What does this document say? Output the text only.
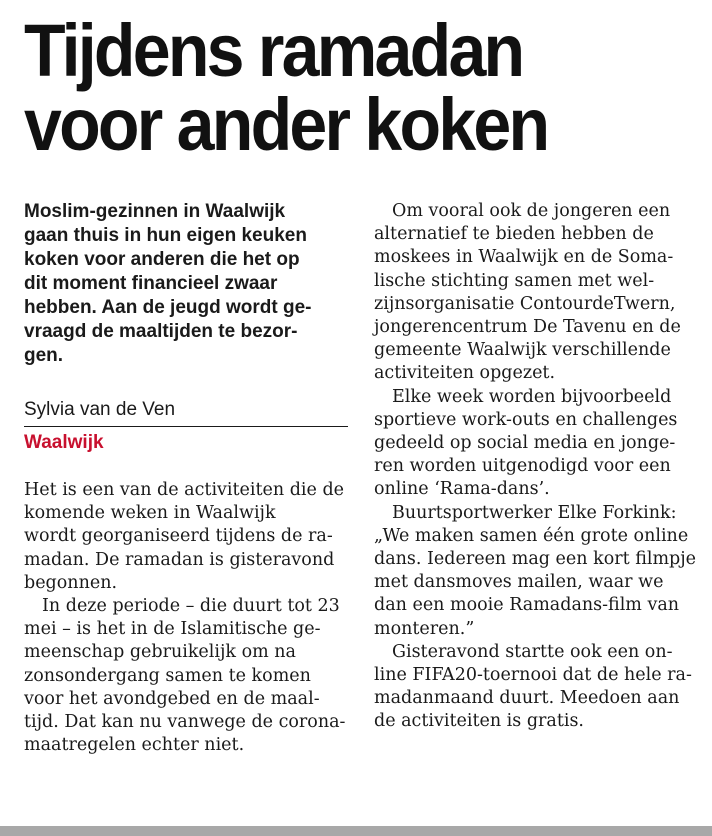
Tijdens ramadan
voor ander koken
Moslim-gezinnen in Waalwijk
gaan thuis in hun eigen keuken
koken voor anderen die het op
dit moment financieel zwaar
hebben. Aan de jeugd wordt ge-
vraagd de maaltijden te bezor-
gen.
Sylvia van de Ven
Waalwijk
Het is een van de activiteiten die de
komende weken in Waalwijk
wordt georganiseerd tijdens de ra-
madan. De ramadan is gisteravond
begonnen.
In deze periode – die duurt tot 23
mei – is het in de Islamitische ge-
meenschap gebruikelijk om na
zonsondergang samen te komen
voor het avondgebed en de maal-
tijd. Dat kan nu vanwege de corona-
maatregelen echter niet.
Om vooral ook de jongeren een
alternatief te bieden hebben de
moskees in Waalwijk en de Soma-
lische stichting samen met wel-
zijnsorganisatie ContourdeTwern,
jongerencentrum De Tavenu en de
gemeente Waalwijk verschillende
activiteiten opgezet.
Elke week worden bijvoorbeeld
sportieve work-outs en challenges
gedeeld op social media en jonge-
ren worden uitgenodigd voor een
online ‘Rama-dans’.
Buurtsportwerker Elke Forkink:
„We maken samen één grote online
dans. Iedereen mag een kort filmpje
met dansmoves mailen, waar we
dan een mooie Ramadans-film van
monteren.”
Gisteravond startte ook een on-
line FIFA20-toernooi dat de hele ra-
madanmaand duurt. Meedoen aan
de activiteiten is gratis.
